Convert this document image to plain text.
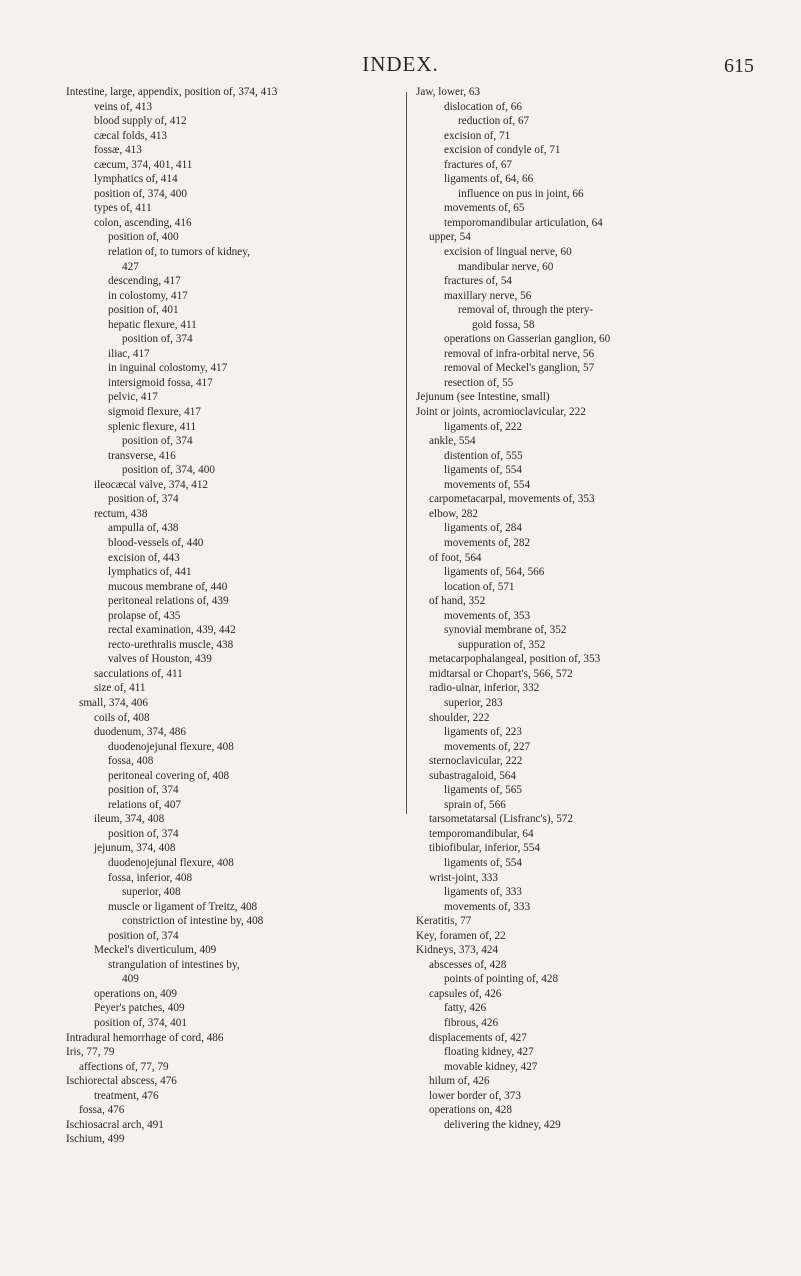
INDEX.	615
Intestine, large, appendix, position of, 374, 413
veins of, 413
blood supply of, 412
cæcal folds, 413
fossæ, 413
cæcum, 374, 401, 411
lymphatics of, 414
position of, 374, 400
types of, 411
colon, ascending, 416
position of, 400
relation of, to tumors of kidney,
427
descending, 417
in colostomy, 417
position of, 401
hepatic flexure, 411
position of, 374
iliac, 417
in inguinal colostomy, 417
intersigmoid fossa, 417
pelvic, 417
sigmoid flexure, 417
splenic flexure, 411
position of, 374
transverse, 416
position of, 374, 400
ileocæcal valve, 374, 412
position of, 374
rectum, 438
ampulla of, 438
blood-vessels of, 440
excision of, 443
lymphatics of, 441
mucous membrane of, 440
peritoneal relations of, 439
prolapse of, 435
rectal examination, 439, 442
recto-urethralis muscle, 438
valves of Houston, 439
sacculations of, 411
size of, 411
small, 374, 406
coils of, 408
duodenum, 374, 486
duodenojejunal flexure, 408
fossa, 408
peritoneal covering of, 408
position of, 374
relations of, 407
ileum, 374, 408
position of, 374
jejunum, 374, 408
duodenojejunal flexure, 408
fossa, inferior, 408
superior, 408
muscle or ligament of Treitz, 408
constriction of intestine by, 408
position of, 374
Meckel's diverticulum, 409
strangulation of intestines by,
409
operations on, 409
Peyer's patches, 409
position of, 374, 401
Intradural hemorrhage of cord, 486
Iris, 77, 79
affections of, 77, 79
Ischiorectal abscess, 476
treatment, 476
fossa, 476
Ischiosacral arch, 491
Ischium, 499
Jaw, lower, 63
dislocation of, 66
reduction of, 67
excision of, 71
excision of condyle of, 71
fractures of, 67
ligaments of, 64, 66
influence on pus in joint, 66
movements of, 65
temporomandibular articulation, 64
upper, 54
excision of lingual nerve, 60
mandibular nerve, 60
fractures of, 54
maxillary nerve, 56
removal of, through the ptery-
goid fossa, 58
operations on Gasserian ganglion, 60
removal of infra-orbital nerve, 56
removal of Meckel's ganglion, 57
resection of, 55
Jejunum (see Intestine, small)
Joint or joints, acromioclavicular, 222
ligaments of, 222
ankle, 554
distention of, 555
ligaments of, 554
movements of, 554
carpometacarpal, movements of, 353
elbow, 282
ligaments of, 284
movements of, 282
of foot, 564
ligaments of, 564, 566
location of, 571
of hand, 352
movements of, 353
synovial membrane of, 352
suppuration of, 352
metacarpophalangeal, position of, 353
midtarsal or Chopart's, 566, 572
radio-ulnar, inferior, 332
superior, 283
shoulder, 222
ligaments of, 223
movements of, 227
sternoclavicular, 222
subastragaloid, 564
ligaments of, 565
sprain of, 566
tarsometatarsal (Lisfranc's), 572
temporomandibular, 64
tibiofibular, inferior, 554
ligaments of, 554
wrist-joint, 333
ligaments of, 333
movements of, 333
Keratitis, 77
Key, foramen of, 22
Kidneys, 373, 424
abscesses of, 428
points of pointing of, 428
capsules of, 426
fatty, 426
fibrous, 426
displacements of, 427
floating kidney, 427
movable kidney, 427
hilum of, 426
lower border of, 373
operations on, 428
delivering the kidney, 429
